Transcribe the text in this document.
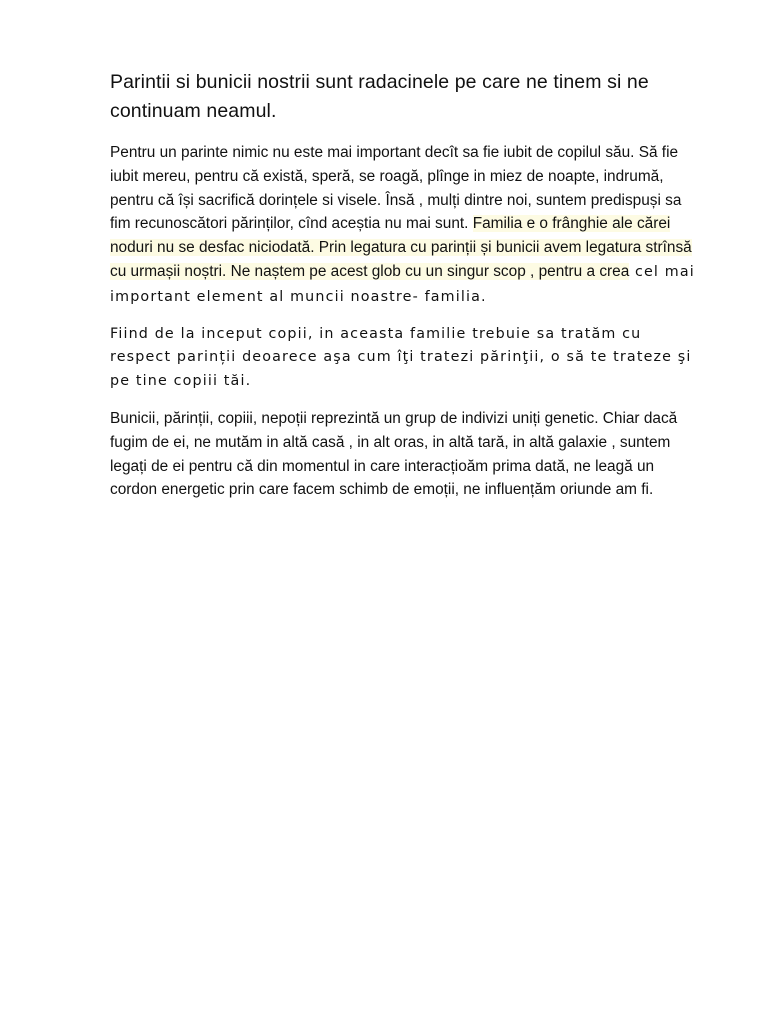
Parintii si bunicii nostrii sunt radacinele pe care ne tinem si ne continuam neamul.

Pentru un parinte nimic nu este mai important decît sa fie iubit de copilul său. Să fie iubit mereu, pentru că există, speră, se roagă, plînge in miez de noapte, indrumă, pentru că își sacrifică dorințele si visele. Însă , mulți dintre noi, suntem predispuși sa fim recunoscători părinților, cînd aceștia nu mai sunt. Familia e o frânghie ale cărei noduri nu se desfac niciodată. Prin legatura cu parinții și bunicii avem legatura strînsă cu urmașii noștri. Ne naștem pe acest glob cu un singur scop , pentru a crea cel mai important element al muncii noastre- familia.

Fiind de la inceput copii, in aceasta familie trebuie sa tratăm cu respect parinții deoarece aşa cum îţi tratezi părinţii, o să te trateze şi pe tine copiii tăi.

Bunicii, părinții, copiii, nepoții reprezintă un grup de indivizi uniți genetic. Chiar dacă fugim de ei, ne mutăm in altă casă , in alt oras, in altă tară, in altă galaxie , suntem legați de ei pentru că din momentul in care interacțioăm prima dată, ne leagă un cordon energetic prin care facem schimb de emoții, ne influențăm oriunde am fi.
